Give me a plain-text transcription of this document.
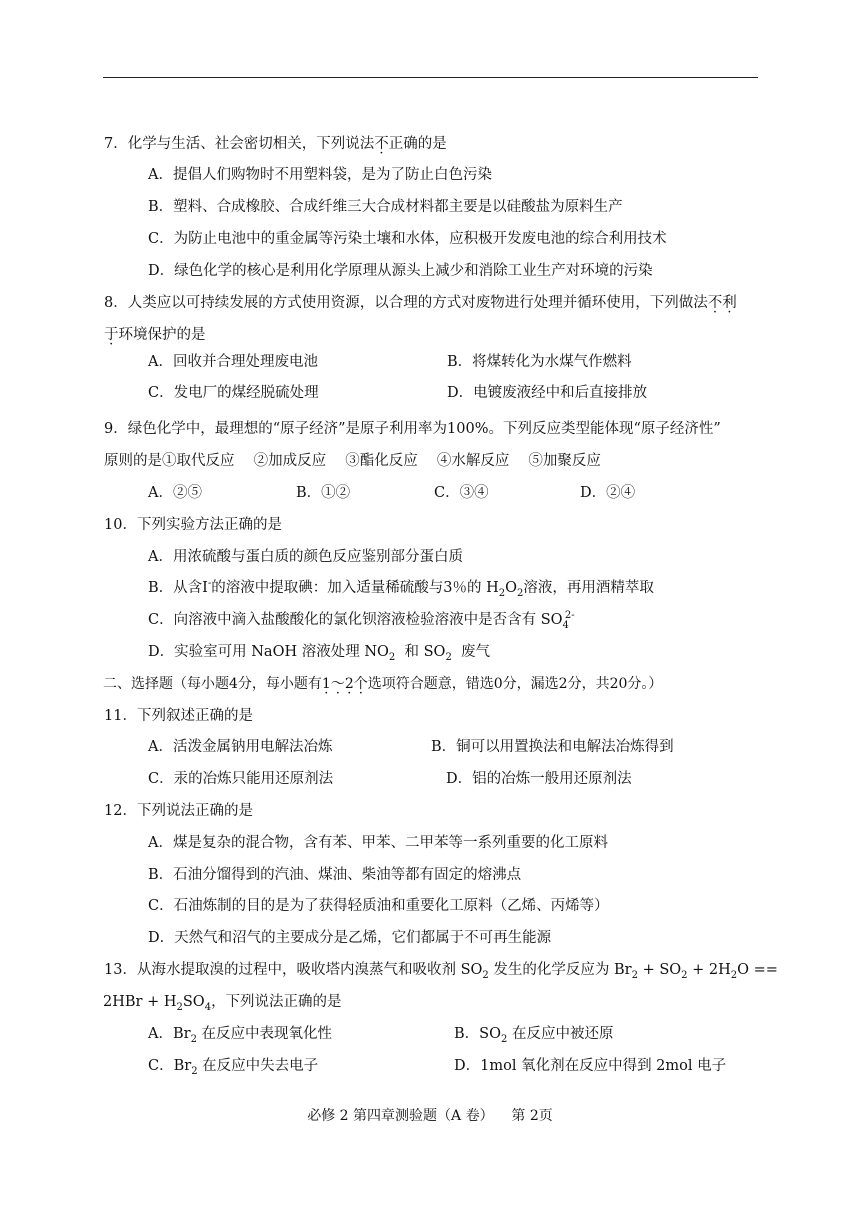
7．化学与生活、社会密切相关，下列说法不正确的是
A．提倡人们购物时不用塑料袋，是为了防止白色污染
B．塑料、合成橡胶、合成纤维三大合成材料都主要是以硅酸盐为原料生产
C．为防止电池中的重金属等污染土壤和水体，应积极开发废电池的综合利用技术
D．绿色化学的核心是利用化学原理从源头上减少和消除工业生产对环境的污染
8．人类应以可持续发展的方式使用资源，以合理的方式对废物进行处理并循环使用，下列做法不利
于环境保护的是
A．回收并合理处理废电池	B．将煤转化为水煤气作燃料
C．发电厂的煤经脱硫处理	D．电镀废液经中和后直接排放
9．绿色化学中，最理想的“原子经济”是原子利用率为100%。下列反应类型能体现“原子经济性”
原则的是①取代反应　 ②加成反应　 ③酯化反应　 ④水解反应　 ⑤加聚反应
A．②⑤	B．①②	C．③④	D．②④
10．下列实验方法正确的是
A．用浓硫酸与蛋白质的颜色反应鉴别部分蛋白质
B．从含I-的溶液中提取碘：加入适量稀硫酸与3％的 $H_2O_2$溶液，再用酒精萃取
C．向溶液中滴入盐酸酸化的氯化钡溶液检验溶液中是否含有 $SO_4^{2-}$
D．实验室可用 NaOH 溶液处理 $NO_2$ 和 $SO_2$ 废气
二、选择题（每小题4分，每小题有1 ·～ ·2 ·个选项符合题意，错选0分，漏选2分，共20分。）
11．下列叙述正确的是
A．活泼金属钠用电解法冶炼	B．铜可以用置换法和电解法冶炼得到
C．汞的冶炼只能用还原剂法	D．铝的冶炼一般用还原剂法
12．下列说法正确的是
A．煤是复杂的混合物，含有苯、甲苯、二甲苯等一系列重要的化工原料
B．石油分馏得到的汽油、煤油、柴油等都有固定的熔沸点
C．石油炼制的目的是为了获得轻质油和重要化工原料（乙烯、丙烯等）
D．天然气和沼气的主要成分是乙烯，它们都属于不可再生能源
13．从海水提取溴的过程中，吸收塔内溴蒸气和吸收剂 $SO_2$ 发生的化学反应为 $Br_2 + SO_2 + 2H_2O$ ==
$2HBr + H_2SO_4$，下列说法正确的是
A．$Br_2$ 在反应中表现氧化性	B．$SO_2$ 在反应中被还原
C．$Br_2$ 在反应中失去电子	D．1mol 氧化剂在反应中得到 2mol 电子
必修 2 第四章测验题（A 卷） 第 2页
